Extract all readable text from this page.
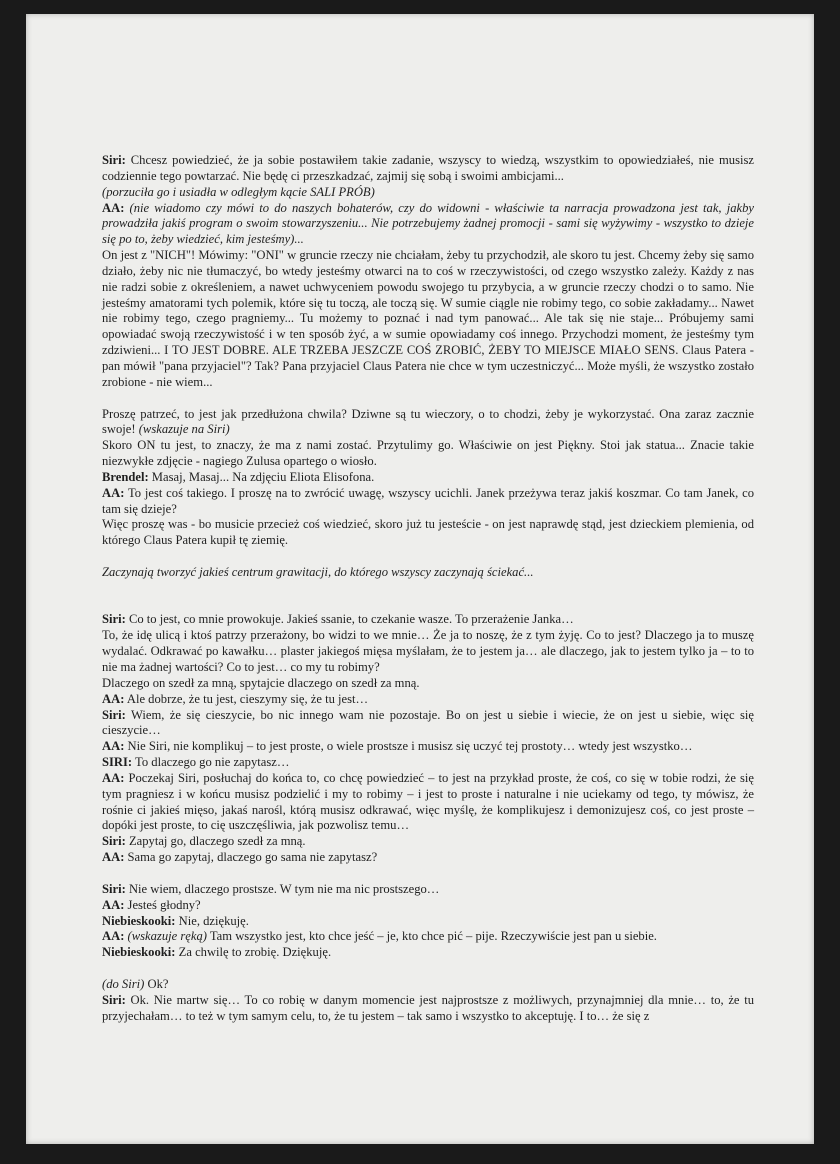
Siri: Chcesz powiedzieć, że ja sobie postawiłem takie zadanie, wszyscy to wiedzą, wszystkim to opowiedziałeś, nie musisz codziennie tego powtarzać. Nie będę ci przeszkadzać, zajmij się sobą i swoimi ambicjami...

(porzuciła go i usiadła w odległym kącie SALI PRÓB)

AA: (nie wiadomo czy mówi to do naszych bohaterów, czy do widowni - właściwie ta narracja prowadzona jest tak, jakby prowadziła jakiś program o swoim stowarzyszeniu... Nie potrzebujemy żadnej promocji - sami się wyżywimy - wszystko to dzieje się po to, żeby wiedzieć, kim jesteśmy)...

On jest z "NICH"! Mówimy: "ONI" w gruncie rzeczy nie chciałam, żeby tu przychodził, ale skoro tu jest. Chcemy żeby się samo działo, żeby nic nie tłumaczyć, bo wtedy jesteśmy otwarci na to coś w rzeczywistości, od czego wszystko zależy. Każdy z nas nie radzi sobie z określeniem, a nawet uchwyceniem powodu swojego tu przybycia, a w gruncie rzeczy chodzi o to samo. Nie jesteśmy amatorami tych polemik, które się tu toczą, ale toczą się. W sumie ciągle nie robimy tego, co sobie zakładamy... Nawet nie robimy tego, czego pragniemy... Tu możemy to poznać i nad tym panować... Ale tak się nie staje... Próbujemy sami opowiadać swoją rzeczywistość i w ten sposób żyć, a w sumie opowiadamy coś innego. Przychodzi moment, że jesteśmy tym zdziwieni... I TO JEST DOBRE. ALE TRZEBA JESZCZE COŚ ZROBIĆ, ŻEBY TO MIEJSCE MIAŁO SENS. Claus Patera - pan mówił "pana przyjaciel"? Tak? Pana przyjaciel Claus Patera nie chce w tym uczestniczyć... Może myśli, że wszystko zostało zrobione - nie wiem...

Proszę patrzeć, to jest jak przedłużona chwila? Dziwne są tu wieczory, o to chodzi, żeby je wykorzystać. Ona zaraz zacznie swoje! (wskazuje na Siri)

Skoro ON tu jest, to znaczy, że ma z nami zostać. Przytulimy go. Właściwie on jest Piękny. Stoi jak statua... Znacie takie niezwykłe zdjęcie - nagiego Zulusa opartego o wiosło.

Brendel: Masaj, Masaj... Na zdjęciu Eliota Elisofona.

AA: To jest coś takiego. I proszę na to zwrócić uwagę, wszyscy ucichli. Janek przeżywa teraz jakiś koszmar. Co tam Janek, co tam się dzieje?

Więc proszę was - bo musicie przecież coś wiedzieć, skoro już tu jesteście - on jest naprawdę stąd, jest dzieckiem plemienia, od którego Claus Patera kupił tę ziemię.

Zaczynają tworzyć jakieś centrum grawitacji, do którego wszyscy zaczynają ściekać...

Siri: Co to jest, co mnie prowokuje. Jakieś ssanie, to czekanie wasze. To przerażenie Janka…

To, że idę ulicą i ktoś patrzy przerażony, bo widzi to we mnie… Że ja to noszę, że z tym żyję. Co to jest? Dlaczego ja to muszę wydalać. Odkrawać po kawałku… plaster jakiegoś mięsa myślałam, że to jestem ja… ale dlaczego, jak to jestem tylko ja – to to nie ma żadnej wartości? Co to jest… co my tu robimy?

Dlaczego on szedł za mną, spytajcie dlaczego on szedł za mną.

AA: Ale dobrze, że tu jest, cieszymy się, że tu jest…

Siri: Wiem, że się cieszycie, bo nic innego wam nie pozostaje. Bo on jest u siebie i wiecie, że on jest u siebie, więc się cieszycie…

AA: Nie Siri, nie komplikuj – to jest proste, o wiele prostsze i musisz się uczyć tej prostoty… wtedy jest wszystko…

SIRI: To dlaczego go nie zapytasz…

AA: Poczekaj Siri, posłuchaj do końca to, co chcę powiedzieć – to jest na przykład proste, że coś, co się w tobie rodzi, że się tym pragniesz i w końcu musisz podzielić i my to robimy – i jest to proste i naturalne i nie uciekamy od tego, ty mówisz, że rośnie ci jakieś mięso, jakaś narośl, którą musisz odkrawać, więc myślę, że komplikujesz i demonizujesz coś, co jest proste – dopóki jest proste, to cię uszczęśliwia, jak pozwolisz temu…

Siri: Zapytaj go, dlaczego szedł za mną.

AA: Sama go zapytaj, dlaczego go sama nie zapytasz?

Siri: Nie wiem, dlaczego prostsze. W tym nie ma nic prostszego…

AA: Jesteś głodny?

Niebieskooki: Nie, dziękuję.

AA: (wskazuje ręką) Tam wszystko jest, kto chce jeść – je, kto chce pić – pije. Rzeczywiście jest pan u siebie.

Niebieskooki: Za chwilę to zrobię. Dziękuję.

(do Siri) Ok?

Siri: Ok. Nie martw się… To co robię w danym momencie jest najprostsze z możliwych, przynajmniej dla mnie… to, że tu przyjechałam… to też w tym samym celu, to, że tu jestem – tak samo i wszystko to akceptuję. I to… że się z
